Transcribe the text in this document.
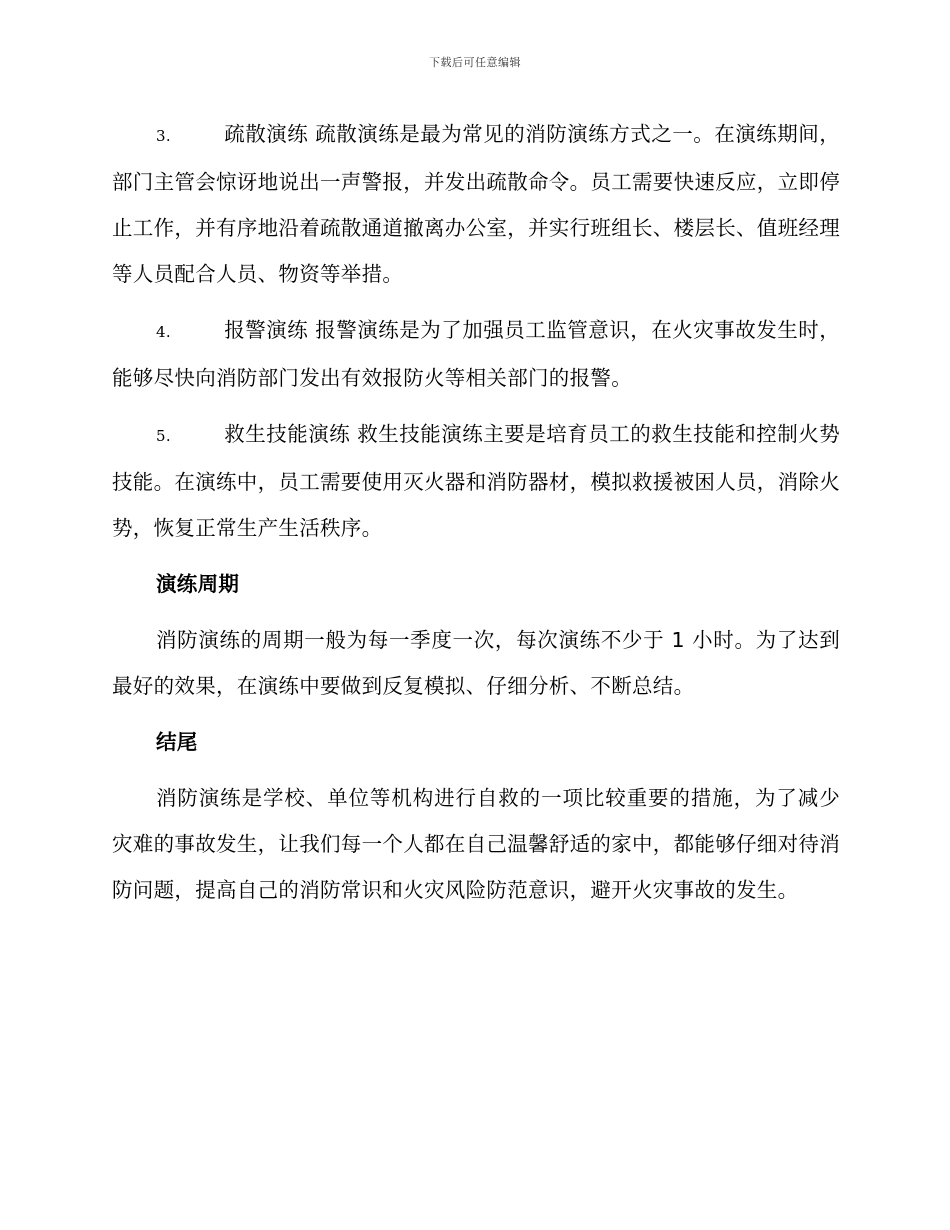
下载后可任意编辑

3.	疏散演练 疏散演练是最为常见的消防演练方式之一。在演练期间，部门主管会惊讶地说出一声警报，并发出疏散命令。员工需要快速反应，立即停止工作，并有序地沿着疏散通道撤离办公室，并实行班组长、楼层长、值班经理等人员配合人员、物资等举措。

4.	报警演练 报警演练是为了加强员工监管意识，在火灾事故发生时，能够尽快向消防部门发出有效报防火等相关部门的报警。

5.	救生技能演练 救生技能演练主要是培育员工的救生技能和控制火势技能。在演练中，员工需要使用灭火器和消防器材，模拟救援被困人员，消除火势，恢复正常生产生活秩序。

演练周期

消防演练的周期一般为每一季度一次，每次演练不少于 1 小时。为了达到最好的效果，在演练中要做到反复模拟、仔细分析、不断总结。

结尾

消防演练是学校、单位等机构进行自救的一项比较重要的措施，为了减少灾难的事故发生，让我们每一个人都在自己温馨舒适的家中，都能够仔细对待消防问题，提高自己的消防常识和火灾风险防范意识，避开火灾事故的发生。
